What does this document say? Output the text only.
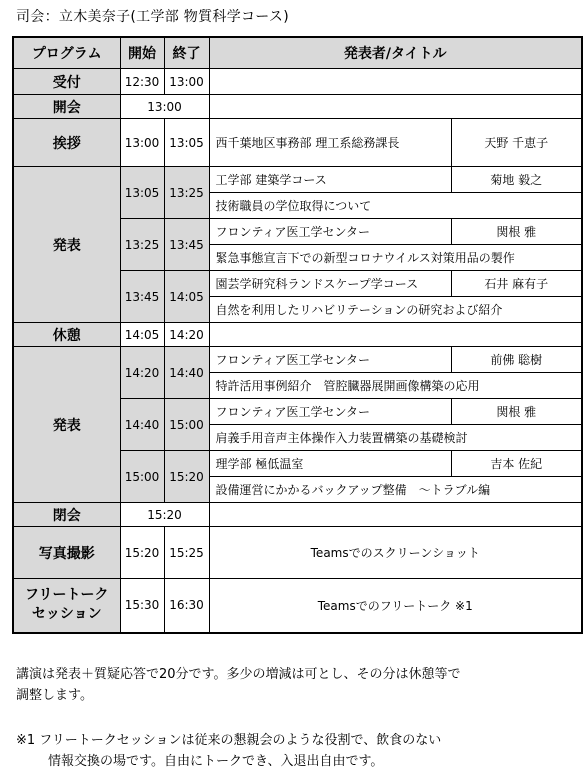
司会：立木美奈子(工学部 物質科学コース)
プログラム	開始	終了	発表者/タイトル	
受付	12:30	13:00		
開会	13:00			
挨拶	13:00	13:05	西千葉地区事務部 理工系総務課長	天野 千恵子
発表	13:05	13:25	工学部 建築学コース	菊地 毅之
			技術職員の学位取得について	
	13:25	13:45	フロンティア医工学センター	関根 雅
			緊急事態宣言下での新型コロナウイルス対策用品の製作	
	13:45	14:05	園芸学研究科ランドスケープ学コース	石井 麻有子
			自然を利用したリハビリテーションの研究および紹介	
休憩	14:05	14:20		
発表	14:20	14:40	フロンティア医工学センター	前佛 聡樹
			特許活用事例紹介　管腔臓器展開画像構築の応用	
	14:40	15:00	フロンティア医工学センター	関根 雅
			肩義手用音声主体操作入力装置構築の基礎検討	
	15:00	15:20	理学部 極低温室	吉本 佐紀
			設備運営にかかるバックアップ整備　～トラブル編	
閉会	15:20			
写真撮影	15:20	15:25	Teamsでのスクリーンショット	

フリートーク
セッション	15:30	16:30	Teamsでのフリートーク ※1	
講演は発表＋質疑応答で20分です。多少の増減は可とし、その分は休憩等で
調整します。
※1 フリートークセッションは従来の懇親会のような役割で、飲食のない
情報交換の場です。自由にトークでき、入退出自由です。
